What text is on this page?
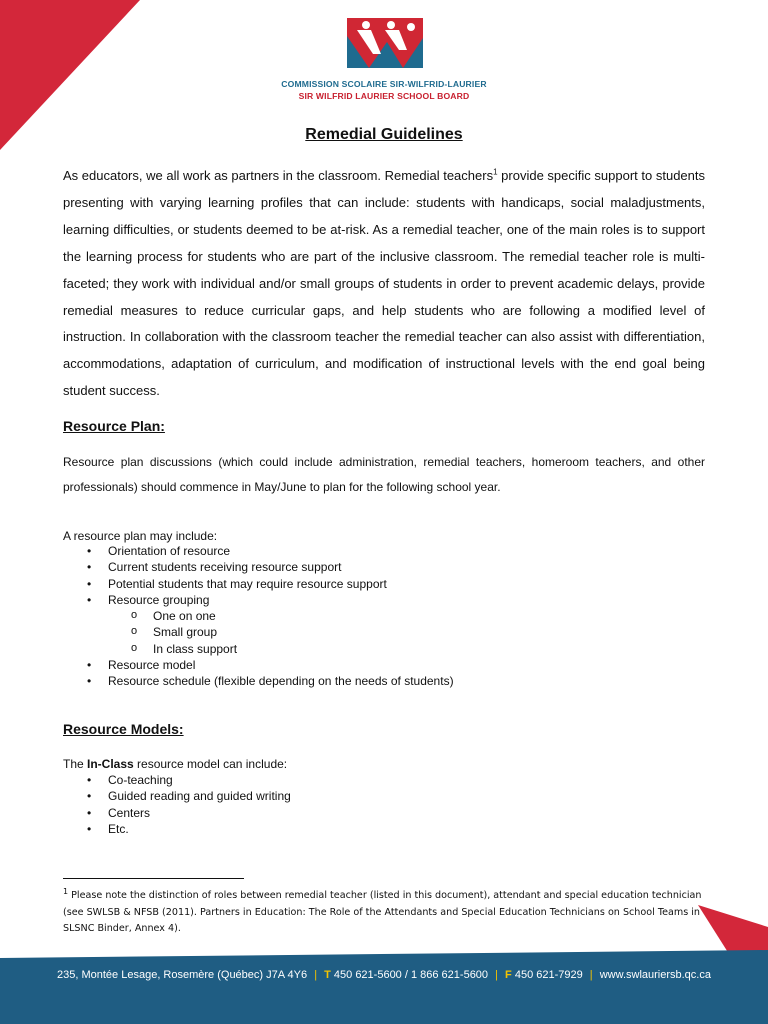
COMMISSION SCOLAIRE SIR-WILFRID-LAURIER
SIR WILFRID LAURIER SCHOOL BOARD
Remedial Guidelines

As educators, we all work as partners in the classroom. Remedial teachers$^1$ provide specific support to students presenting with varying learning profiles that can include: students with handicaps, social maladjustments, learning difficulties, or students deemed to be at-risk. As a remedial teacher, one of the main roles is to support the learning process for students who are part of the inclusive classroom. The remedial teacher role is multi-faceted; they work with individual and/or small groups of students in order to prevent academic delays, provide remedial measures to reduce curricular gaps, and help students who are following a modified level of instruction. In collaboration with the classroom teacher the remedial teacher can also assist with differentiation, accommodations, adaptation of curriculum, and modification of instructional levels with the end goal being student success.

Resource Plan:

Resource plan discussions (which could include administration, remedial teachers, homeroom teachers, and other professionals) should commence in May/June to plan for the following school year.

A resource plan may include:

• Orientation of resource
• Current students receiving resource support
• Potential students that may require resource support
• Resource grouping
o One on one
o Small group
o In class support
• Resource model
• Resource schedule (flexible depending on the needs of students)
Resource Models:

The In-Class resource model can include:

• Co-teaching
• Guided reading and guided writing
• Centers
• Etc.

$^1$ Please note the distinction of roles between remedial teacher (listed in this document), attendant and special education technician (see SWLSB & NFSB (2011). Partners in Education: The Role of the Attendants and Special Education Technicians on School Teams in SLSNC Binder, Annex 4).

235, Montée Lesage, Rosemère (Québec) J7A 4Y6 | T 450 621-5600 / 1 866 621-5600 | F 450 621-7929 | www.swlauriersb.qc.ca
